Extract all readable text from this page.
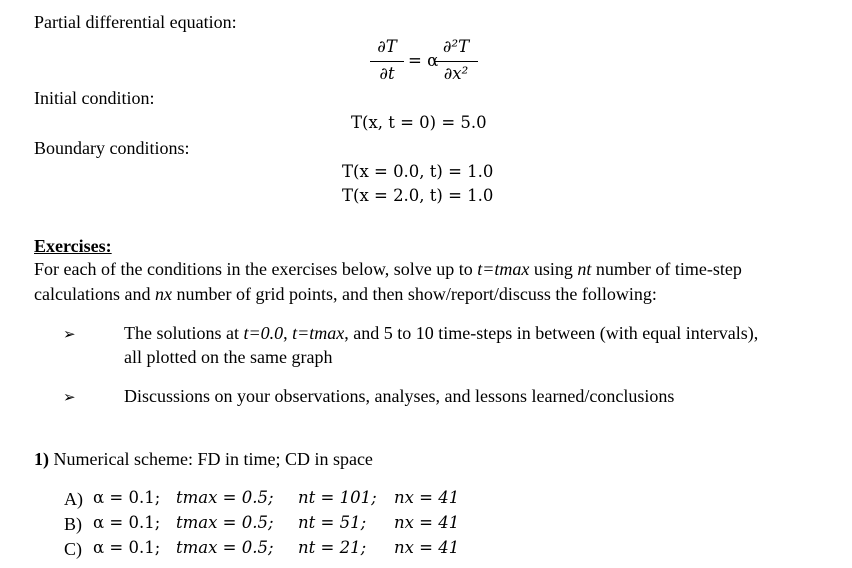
Partial differential equation:
Initial condition:
Boundary conditions:
∂T
∂t
= α
∂²T
∂x²
T(x, t = 0) = 5.0
T(x = 0.0, t) = 1.0
T(x = 2.0, t) = 1.0
Exercises:
For each of the conditions in the exercises below, solve up to t=tmax using nt number of time-step
calculations and nx number of grid points, and then show/report/discuss the following:
➢	The solutions at t=0.0, t=tmax, and 5 to 10 time-steps in between (with equal intervals),
all plotted on the same graph
➢	Discussions on your observations, analyses, and lessons learned/conclusions
1) Numerical scheme: FD in time; CD in space
A) α = 0.1; tmax = 0.5; nt = 101; nx = 41
B) α = 0.1; tmax = 0.5; nt = 51; nx = 41
C) α = 0.1; tmax = 0.5; nt = 21; nx = 41
